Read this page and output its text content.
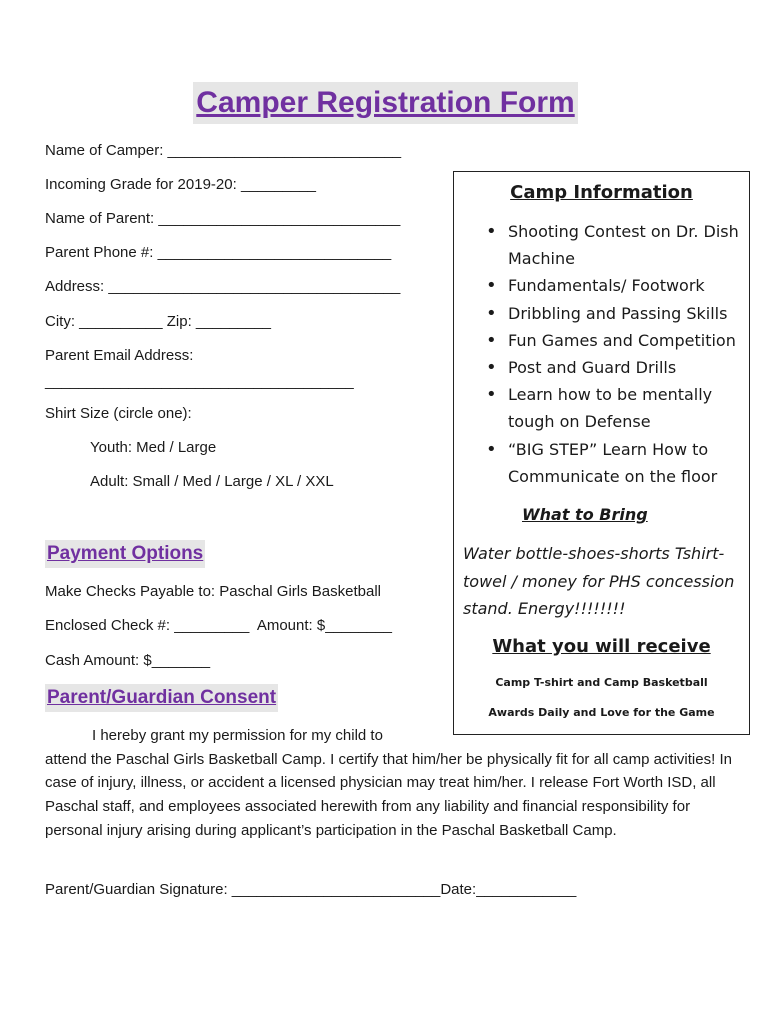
Camper Registration Form
Name of Camper: ____________________________
Incoming Grade for 2019-20: _________
Name of Parent: _____________________________
Parent Phone #: ____________________________
Address: ___________________________________
City: __________ Zip: _________
Parent Email Address:
_____________________________________
Shirt Size (circle one):
Youth: Med / Large
Adult: Small / Med / Large / XL / XXL
Payment Options
Make Checks Payable to: Paschal Girls Basketball
Enclosed Check #: _________  Amount: $________
Cash Amount: $_______
Parent/Guardian Consent
I hereby grant my permission for my child to
attend the Paschal Girls Basketball Camp. I certify that him/her be physically fit for all camp activities! In case of injury, illness, or accident a licensed physician may treat him/her. I release Fort Worth ISD, all Paschal staff, and employees associated herewith from any liability and financial responsibility for personal injury arising during applicant’s participation in the Paschal Basketball Camp.
Parent/Guardian Signature: _________________________Date:____________
Camp Information
• Shooting Contest on Dr. Dish Machine
• Fundamentals/ Footwork
• Dribbling and Passing Skills
• Fun Games and Competition
• Post and Guard Drills
• Learn how to be mentally tough on Defense
• “BIG STEP” Learn How to Communicate on the floor
What to Bring
Water bottle-shoes-shorts Tshirt- towel / money for PHS concession stand. Energy!!!!!!!!
What you will receive
Camp T-shirt and Camp Basketball
Awards Daily and Love for the Game
